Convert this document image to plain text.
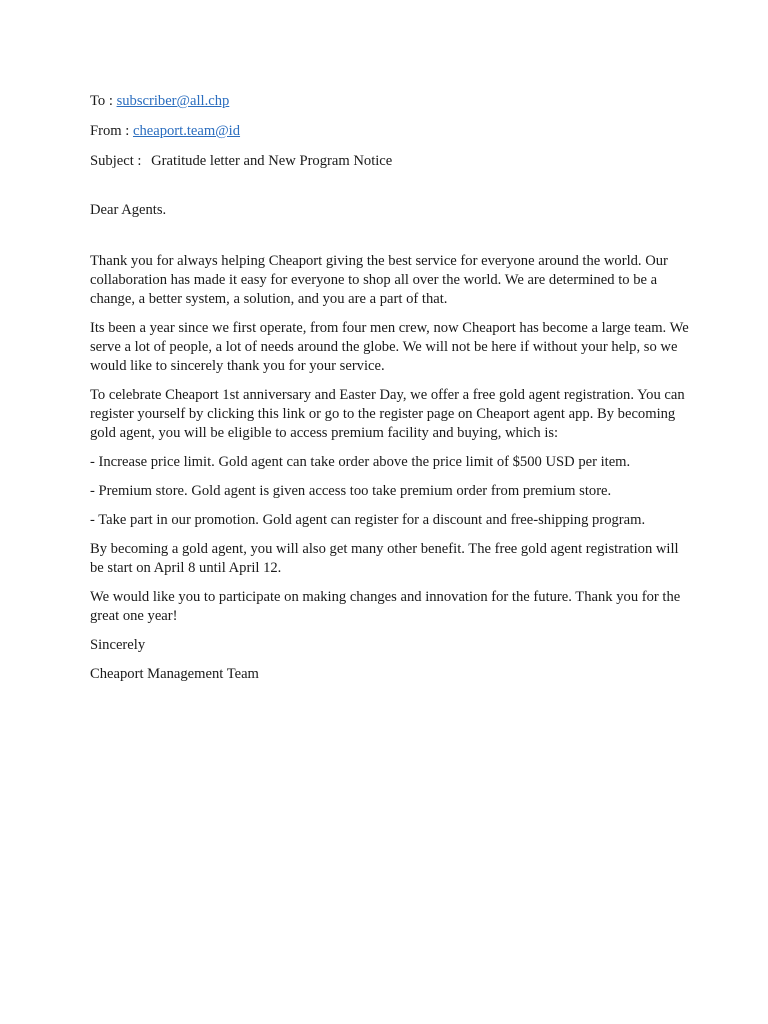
To : subscriber@all.chp
From : cheaport.team@id
Subject : Gratitude letter and New Program Notice
Dear Agents.

Thank you for always helping Cheaport giving the best service for everyone around the world. Our collaboration has made it easy for everyone to shop all over the world. We are determined to be a change, a better system, a solution, and you are a part of that.

Its been a year since we first operate, from four men crew, now Cheaport has become a large team. We serve a lot of people, a lot of needs around the globe. We will not be here if without your help, so we would like to sincerely thank you for your service.

To celebrate Cheaport 1st anniversary and Easter Day, we offer a free gold agent registration. You can register yourself by clicking this link or go to the register page on Cheaport agent app. By becoming gold agent, you will be eligible to access premium facility and buying, which is:

- Increase price limit. Gold agent can take order above the price limit of $500 USD per item.

- Premium store. Gold agent is given access too take premium order from premium store.

- Take part in our promotion. Gold agent can register for a discount and free-shipping program.

By becoming a gold agent, you will also get many other benefit. The free gold agent registration will be start on April 8 until April 12.

We would like you to participate on making changes and innovation for the future. Thank you for the great one year!

Sincerely

Cheaport Management Team
